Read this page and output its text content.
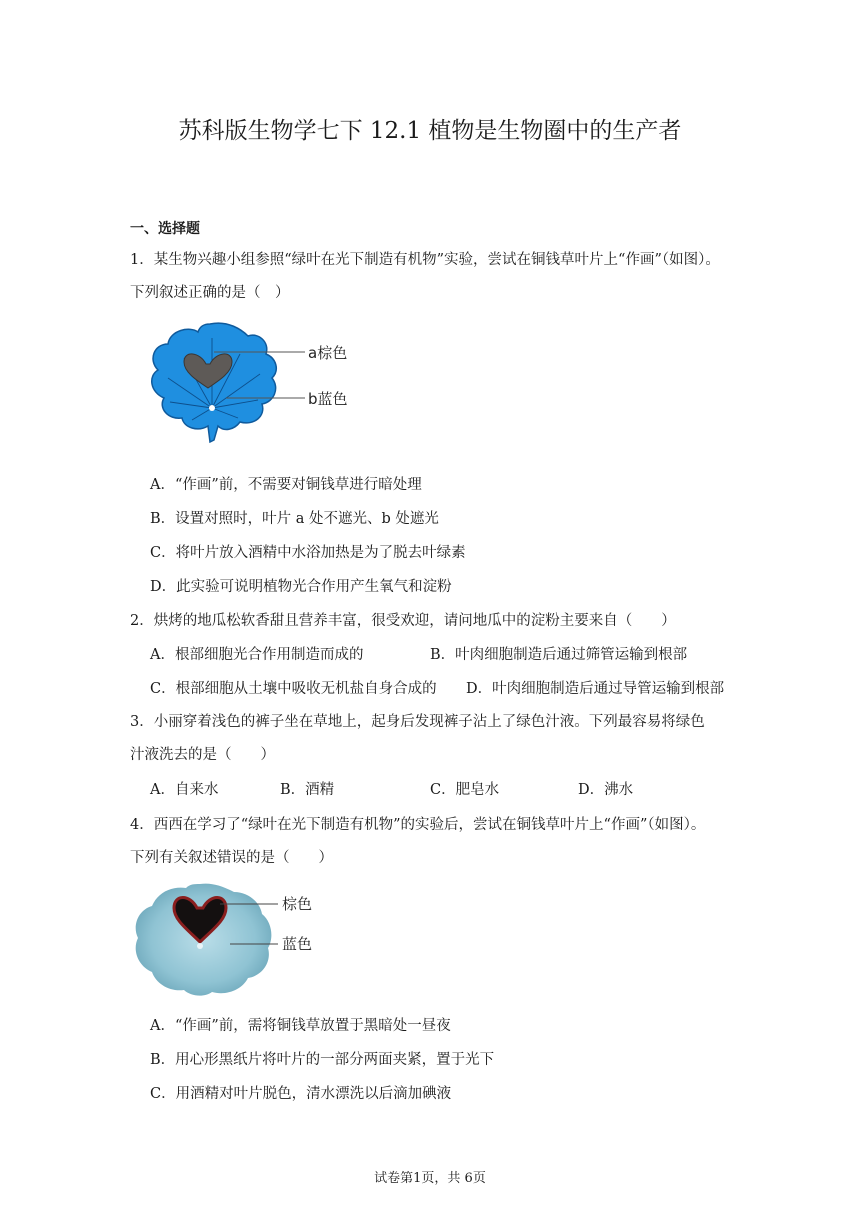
苏科版生物学七下 12.1 植物是生物圈中的生产者
一、选择题
1．某生物兴趣小组参照“绿叶在光下制造有机物”实验，尝试在铜钱草叶片上“作画”（如图）。
下列叙述正确的是（　）
a棕色
b蓝色
A．“作画”前，不需要对铜钱草进行暗处理
B．设置对照时，叶片 a 处不遮光、b 处遮光
C．将叶片放入酒精中水浴加热是为了脱去叶绿素
D．此实验可说明植物光合作用产生氧气和淀粉
2．烘烤的地瓜松软香甜且营养丰富，很受欢迎，请问地瓜中的淀粉主要来自（　　）
A．根部细胞光合作用制造而成的	B．叶肉细胞制造后通过筛管运输到根部
C．根部细胞从土壤中吸收无机盐自身合成的 D．叶肉细胞制造后通过导管运输到根部
3．小丽穿着浅色的裤子坐在草地上，起身后发现裤子沾上了绿色汁液。下列最容易将绿色
汁液洗去的是（　　）
A．自来水	B．酒精	C．肥皂水	D．沸水
4．西西在学习了“绿叶在光下制造有机物”的实验后，尝试在铜钱草叶片上“作画”（如图）。
下列有关叙述错误的是（　　）
棕色
蓝色
A．“作画”前，需将铜钱草放置于黑暗处一昼夜
B．用心形黑纸片将叶片的一部分两面夹紧，置于光下
C．用酒精对叶片脱色，清水漂洗以后滴加碘液
试卷第1页，共 6页
